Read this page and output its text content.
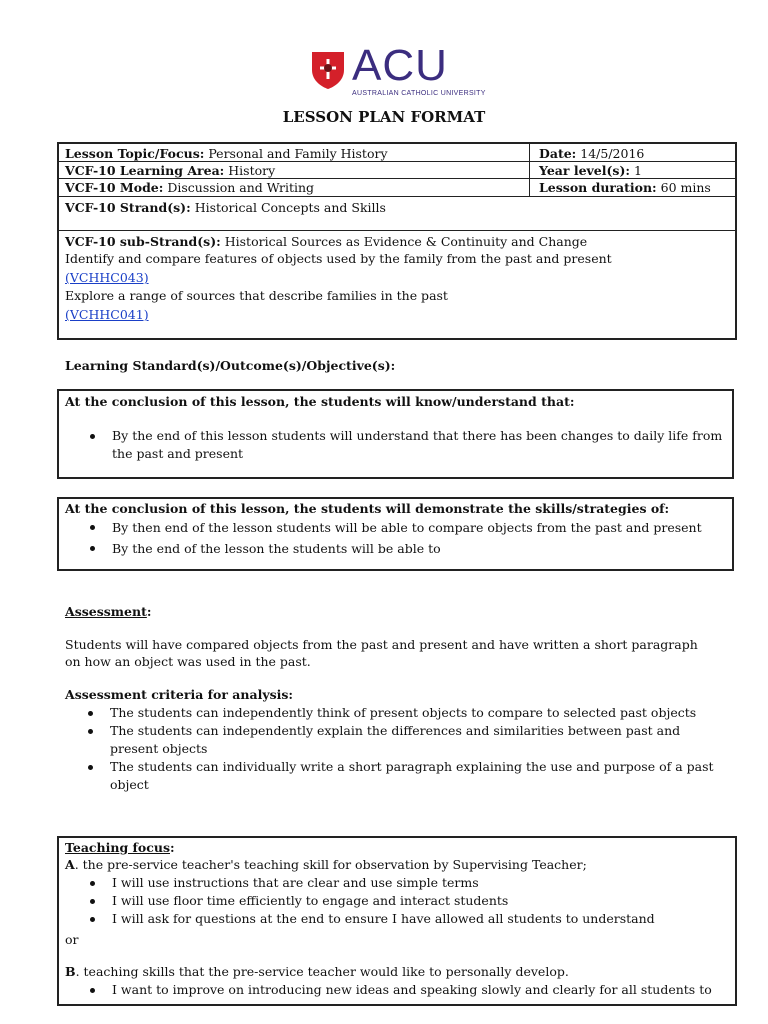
ACU
AUSTRALIAN CATHOLIC UNIVERSITY
LESSON PLAN FORMAT
Lesson Topic/Focus: Personal and Family History	Date: 14/5/2016
VCF-10 Learning Area: History	Year level(s): 1
VCF-10 Mode: Discussion and Writing	Lesson duration: 60 mins
VCF-10 Strand(s): Historical Concepts and Skills
VCF-10 sub-Strand(s): Historical Sources as Evidence & Continuity and Change
Identify and compare features of objects used by the family from the past and present
(VCHHC043)
Explore a range of sources that describe families in the past
(VCHHC041)
Learning Standard(s)/Outcome(s)/Objective(s):
At the conclusion of this lesson, the students will know/understand that:
By the end of this lesson students will understand that there has been changes to daily life from the past and present
At the conclusion of this lesson, the students will demonstrate the skills/strategies of:
By then end of the lesson students will be able to compare objects from the past and present
By the end of the lesson the students will be able to
Assessment:
Students will have compared objects from the past and present and have written a short paragraph on how an object was used in the past.
Assessment criteria for analysis:
The students can independently think of present objects to compare to selected past objects
The students can independently explain the differences and similarities between past and present objects
The students can individually write a short paragraph explaining the use and purpose of a past object
Teaching focus:
A. the pre-service teacher's teaching skill for observation by Supervising Teacher;
I will use instructions that are clear and use simple terms
I will use floor time efficiently to engage and interact students
I will ask for questions at the end to ensure I have allowed all students to understand
or
B. teaching skills that the pre-service teacher would like to personally develop.
I want to improve on introducing new ideas and speaking slowly and clearly for all students to
